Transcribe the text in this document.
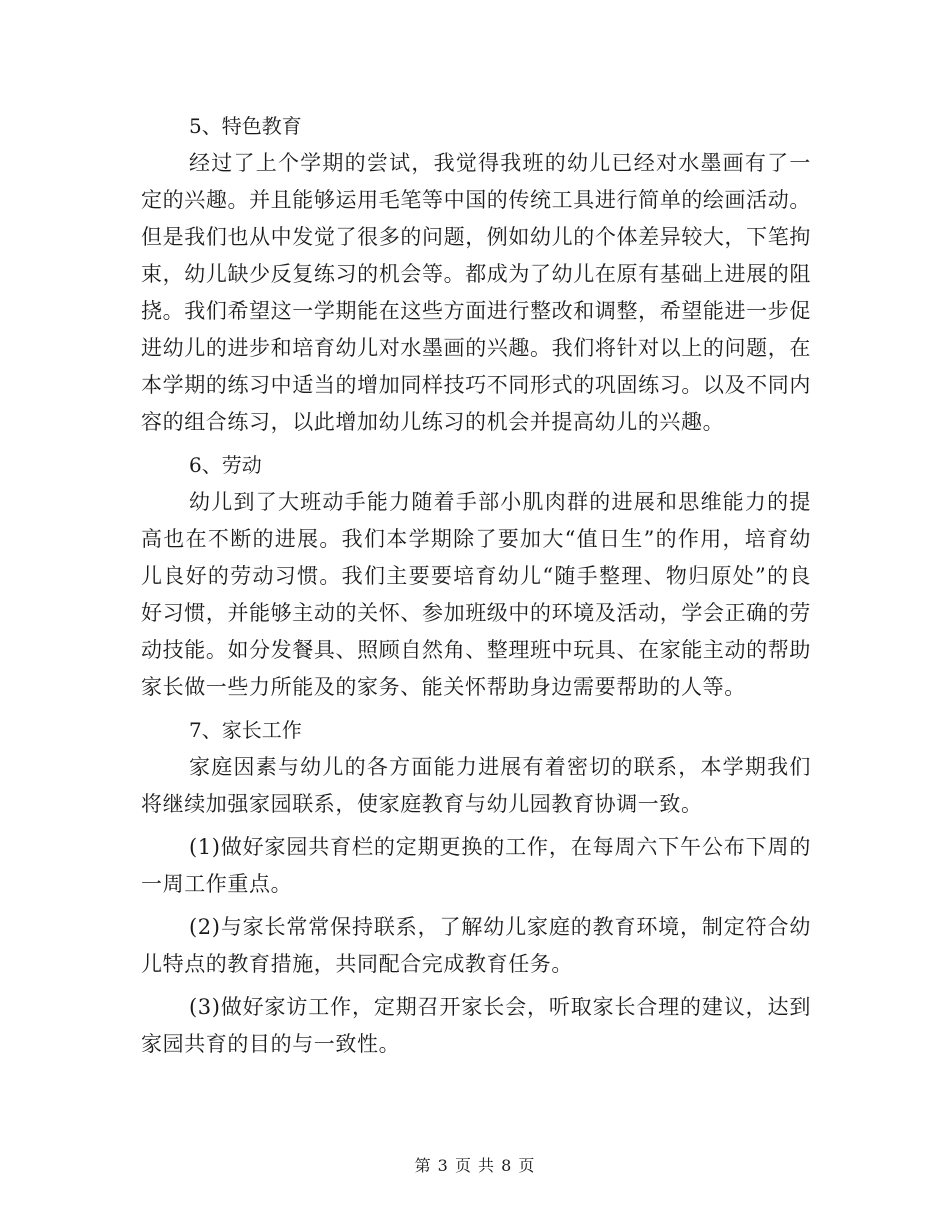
5、特色教育

经过了上个学期的尝试，我觉得我班的幼儿已经对水墨画有了一定的兴趣。并且能够运用毛笔等中国的传统工具进行简单的绘画活动。但是我们也从中发觉了很多的问题，例如幼儿的个体差异较大，下笔拘束，幼儿缺少反复练习的机会等。都成为了幼儿在原有基础上进展的阻挠。我们希望这一学期能在这些方面进行整改和调整，希望能进一步促进幼儿的进步和培育幼儿对水墨画的兴趣。我们将针对以上的问题，在本学期的练习中适当的增加同样技巧不同形式的巩固练习。以及不同内容的组合练习，以此增加幼儿练习的机会并提高幼儿的兴趣。

6、劳动

幼儿到了大班动手能力随着手部小肌肉群的进展和思维能力的提高也在不断的进展。我们本学期除了要加大“值日生”的作用，培育幼儿良好的劳动习惯。我们主要要培育幼儿“随手整理、物归原处”的良好习惯，并能够主动的关怀、参加班级中的环境及活动，学会正确的劳动技能。如分发餐具、照顾自然角、整理班中玩具、在家能主动的帮助家长做一些力所能及的家务、能关怀帮助身边需要帮助的人等。

7、家长工作

家庭因素与幼儿的各方面能力进展有着密切的联系，本学期我们将继续加强家园联系，使家庭教育与幼儿园教育协调一致。

(1)做好家园共育栏的定期更换的工作，在每周六下午公布下周的一周工作重点。

(2)与家长常常保持联系，了解幼儿家庭的教育环境，制定符合幼儿特点的教育措施，共同配合完成教育任务。

(3)做好家访工作，定期召开家长会，听取家长合理的建议，达到家园共育的目的与一致性。

第 3 页 共 8 页
